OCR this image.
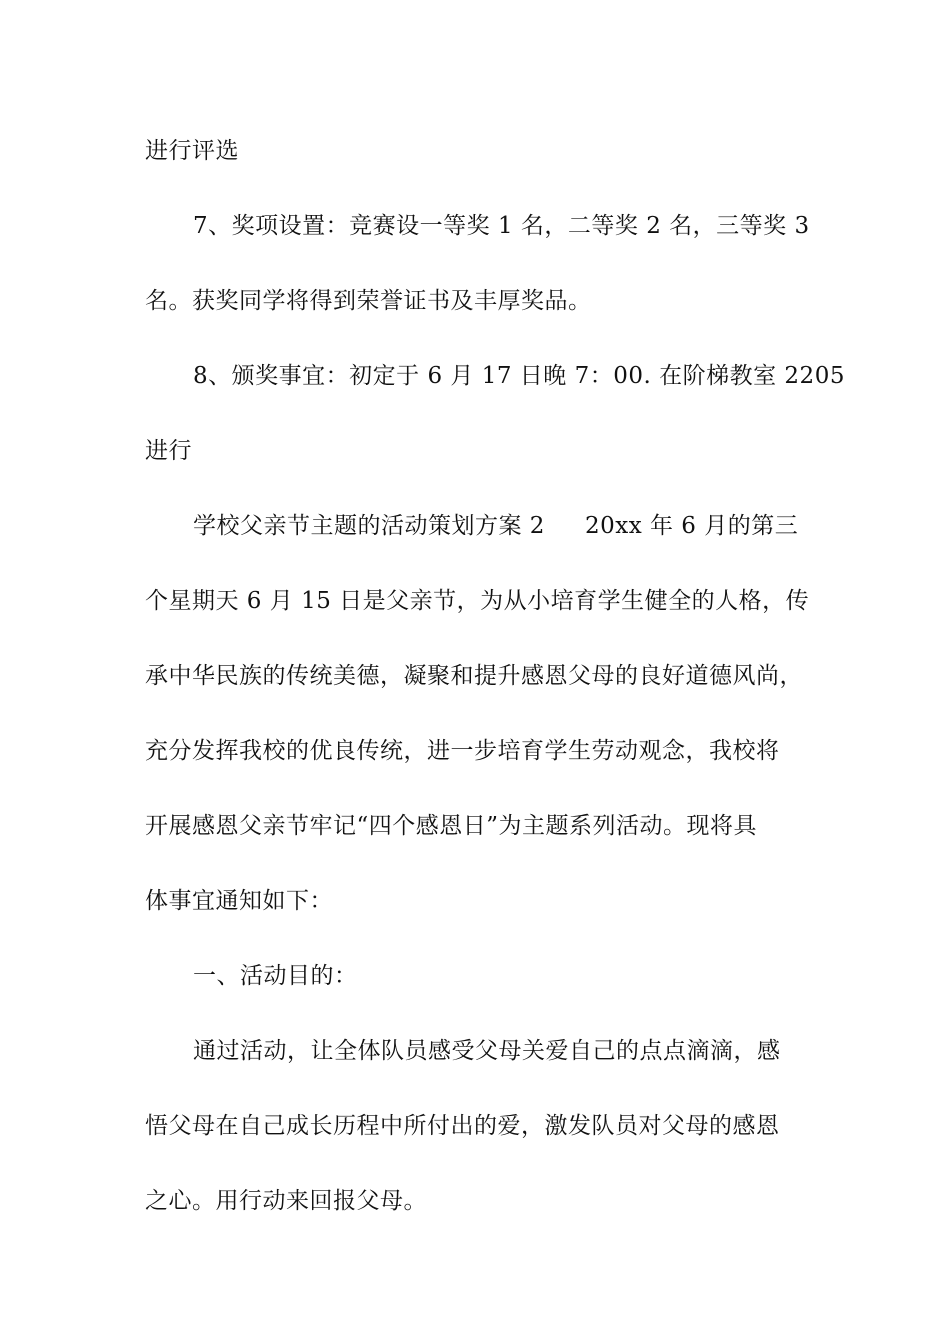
进行评选
7、奖项设置：竞赛设一等奖 1 名，二等奖 2 名，三等奖 3
名。获奖同学将得到荣誉证书及丰厚奖品。
8、颁奖事宜：初定于 6 月 17 日晚 7：00. 在阶梯教室 2205
进行
学校父亲节主题的活动策划方案 2 20xx 年 6 月的第三
个星期天 6 月 15 日是父亲节，为从小培育学生健全的人格，传
承中华民族的传统美德，凝聚和提升感恩父母的良好道德风尚，
充分发挥我校的优良传统，进一步培育学生劳动观念，我校将
开展感恩父亲节牢记“四个感恩日”为主题系列活动。现将具
体事宜通知如下：
一、活动目的：
通过活动，让全体队员感受父母关爱自己的点点滴滴，感
悟父母在自己成长历程中所付出的爱，激发队员对父母的感恩
之心。用行动来回报父母。
